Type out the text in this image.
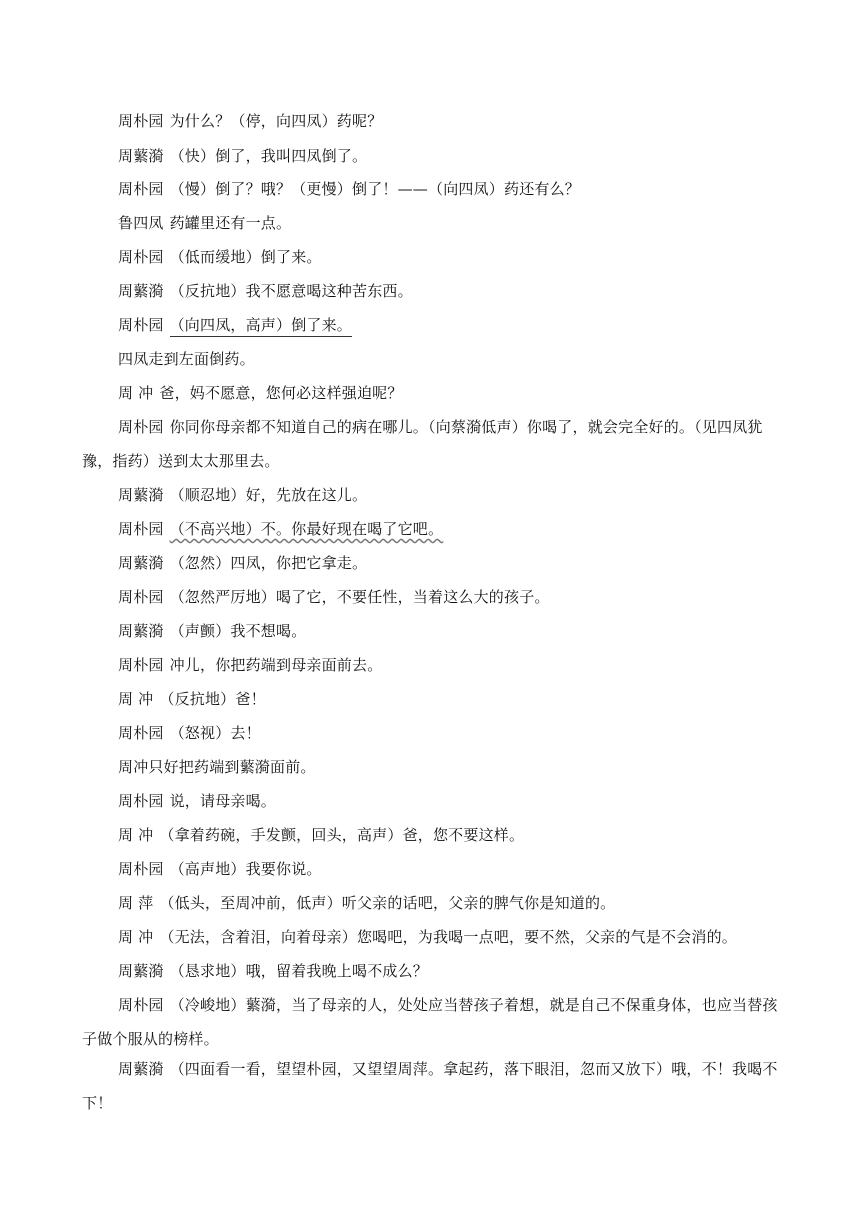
周朴园 为什么？（停，向四凤）药呢？
周蘩漪 （快）倒了，我叫四凤倒了。
周朴园 （慢）倒了？哦？（更慢）倒了！——（向四凤）药还有么？
鲁四凤 药罐里还有一点。
周朴园 （低而缓地）倒了来。
周蘩漪 （反抗地）我不愿意喝这种苦东西。
周朴园 （向四凤，高声）倒了来。
四凤走到左面倒药。
周 冲 爸，妈不愿意，您何必这样强迫呢？
周朴园 你同你母亲都不知道自己的病在哪儿。（向蔡漪低声）你喝了，就会完全好的。（见四凤犹豫，指药）送到太太那里去。
周蘩漪 （顺忍地）好，先放在这儿。
周朴园 （不高兴地）不。你最好现在喝了它吧。
周蘩漪 （忽然）四凤，你把它拿走。
周朴园 （忽然严厉地）喝了它，不要任性，当着这么大的孩子。
周蘩漪 （声颤）我不想喝。
周朴园 冲儿，你把药端到母亲面前去。
周 冲 （反抗地）爸！
周朴园 （怒视）去！
周冲只好把药端到蘩漪面前。
周朴园 说，请母亲喝。
周 冲 （拿着药碗，手发颤，回头，高声）爸，您不要这样。
周朴园 （高声地）我要你说。
周 萍 （低头，至周冲前，低声）听父亲的话吧，父亲的脾气你是知道的。
周 冲 （无法，含着泪，向着母亲）您喝吧，为我喝一点吧，要不然，父亲的气是不会消的。
周蘩漪 （恳求地）哦，留着我晚上喝不成么？
周朴园 （冷峻地）蘩漪，当了母亲的人，处处应当替孩子着想，就是自己不保重身体，也应当替孩子做个服从的榜样。
周蘩漪 （四面看一看，望望朴园，又望望周萍。拿起药，落下眼泪，忽而又放下）哦，不！我喝不下！
